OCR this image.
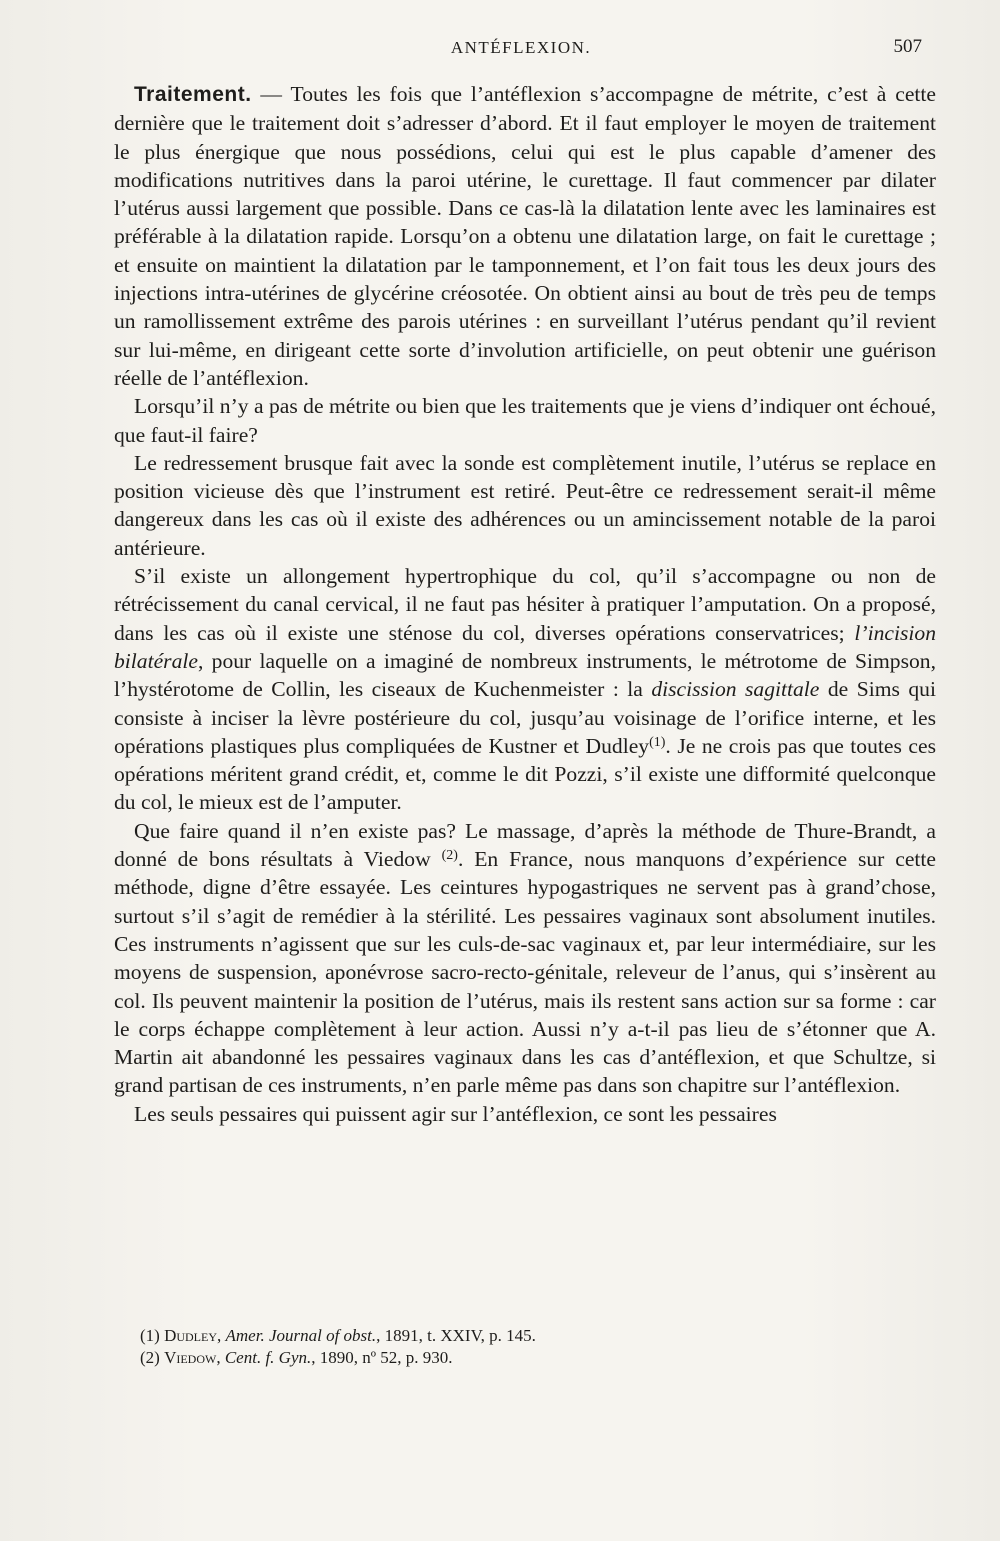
ANTÉFLEXION.	507

Traitement. — Toutes les fois que l’antéflexion s’accompagne de métrite, c’est à cette dernière que le traitement doit s’adresser d’abord. Et il faut employer le moyen de traitement le plus énergique que nous possédions, celui qui est le plus capable d’amener des modifications nutritives dans la paroi utérine, le curettage. Il faut commencer par dilater l’utérus aussi largement que possible. Dans ce cas-là la dilatation lente avec les laminaires est préférable à la dilatation rapide. Lorsqu’on a obtenu une dilatation large, on fait le curettage ; et ensuite on maintient la dilatation par le tamponnement, et l’on fait tous les deux jours des injections intra-utérines de glycérine créosotée. On obtient ainsi au bout de très peu de temps un ramollissement extrême des parois utérines : en surveillant l’utérus pendant qu’il revient sur lui-même, en dirigeant cette sorte d’involution artificielle, on peut obtenir une guérison réelle de l’antéflexion.

Lorsqu’il n’y a pas de métrite ou bien que les traitements que je viens d’indiquer ont échoué, que faut-il faire?

Le redressement brusque fait avec la sonde est complètement inutile, l’utérus se replace en position vicieuse dès que l’instrument est retiré. Peut-être ce redressement serait-il même dangereux dans les cas où il existe des adhérences ou un amincissement notable de la paroi antérieure.

S’il existe un allongement hypertrophique du col, qu’il s’accompagne ou non de rétrécissement du canal cervical, il ne faut pas hésiter à pratiquer l’amputation. On a proposé, dans les cas où il existe une sténose du col, diverses opérations conservatrices; l’incision bilatérale, pour laquelle on a imaginé de nombreux instruments, le métrotome de Simpson, l’hystérotome de Collin, les ciseaux de Kuchenmeister : la discission sagittale de Sims qui consiste à inciser la lèvre postérieure du col, jusqu’au voisinage de l’orifice interne, et les opérations plastiques plus compliquées de Kustner et Dudley$^{(1)}$. Je ne crois pas que toutes ces opérations méritent grand crédit, et, comme le dit Pozzi, s’il existe une difformité quelconque du col, le mieux est de l’amputer.

Que faire quand il n’en existe pas? Le massage, d’après la méthode de Thure-Brandt, a donné de bons résultats à Viedow $^{(2)}$. En France, nous manquons d’expérience sur cette méthode, digne d’être essayée. Les ceintures hypogastriques ne servent pas à grand’chose, surtout s’il s’agit de remédier à la stérilité. Les pessaires vaginaux sont absolument inutiles. Ces instruments n’agissent que sur les culs-de-sac vaginaux et, par leur intermédiaire, sur les moyens de suspension, aponévrose sacro-recto-génitale, releveur de l’anus, qui s’insèrent au col. Ils peuvent maintenir la position de l’utérus, mais ils restent sans action sur sa forme : car le corps échappe complètement à leur action. Aussi n’y a-t-il pas lieu de s’étonner que A. Martin ait abandonné les pessaires vaginaux dans les cas d’antéflexion, et que Schultze, si grand partisan de ces instruments, n’en parle même pas dans son chapitre sur l’antéflexion.

Les seuls pessaires qui puissent agir sur l’antéflexion, ce sont les pessaires

(1) Dudley, Amer. Journal of obst., 1891, t. XXIV, p. 145.

(2) Viedow, Cent. f. Gyn., 1890, nº 52, p. 930.
